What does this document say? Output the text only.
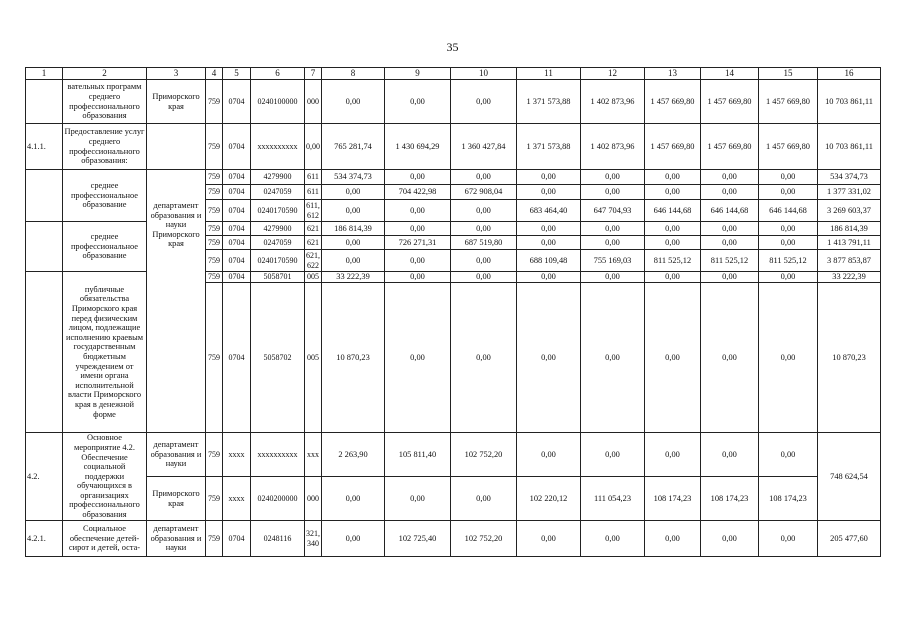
35
1	2	3	4	5	6	7	8	9	10	11	12	13	14	15	16
	вательных программ среднего профессионального образования	Приморского края	759	0704	0240100000	000	0,00	0,00	0,00	1 371 573,88	1 402 873,96	1 457 669,80	1 457 669,80	1 457 669,80	10 703 861,11
4.1.1.	Предоставление услуг среднего профессионального образования:		759	0704	xxxxxxxxxx	0,00	765 281,74	1 430 694,29	1 360 427,84	1 371 573,88	1 402 873,96	1 457 669,80	1 457 669,80	1 457 669,80	10 703 861,11
	среднее профессиональное образование	департамент образования и науки Приморского края	759	0704	4279900	611	534 374,73	0,00	0,00	0,00	0,00	0,00	0,00	0,00	534 374,73
			759	0704	0247059	611	0,00	704 422,98	672 908,04	0,00	0,00	0,00	0,00	0,00	1 377 331,02
			759	0704	0240170590	611, 612	0,00	0,00	0,00	683 464,40	647 704,93	646 144,68	646 144,68	646 144,68	3 269 603,37
	среднее профессиональное образование		759	0704	4279900	621	186 814,39	0,00	0,00	0,00	0,00	0,00	0,00	0,00	186 814,39
			759	0704	0247059	621	0,00	726 271,31	687 519,80	0,00	0,00	0,00	0,00	0,00	1 413 791,11
			759	0704	0240170590	621, 622	0,00	0,00	0,00	688 109,48	755 169,03	811 525,12	811 525,12	811 525,12	3 877 853,87
	публичные обязательства Приморского края перед физическим лицом, подлежащие исполнению краевым государственным бюджетным учреждением от имени органа исполнительной власти Приморского края в денежной форме		759	0704	5058701	005	33 222,39	0,00	0,00	0,00	0,00	0,00	0,00	0,00	33 222,39
			759	0704	5058702	005	10 870,23	0,00	0,00	0,00	0,00	0,00	0,00	0,00	10 870,23
4.2.	Основное мероприятие 4.2. Обеспечение социальной поддержки обучающихся в организациях профессионального образования	департамент образования и науки	759	xxxx	xxxxxxxxxx	xxx	2 263,90	105 811,40	102 752,20	0,00	0,00	0,00	0,00	0,00	748 624,54
		Приморского края	759	xxxx	0240200000	000	0,00	0,00	0,00	102 220,12	111 054,23	108 174,23	108 174,23	108 174,23	
4.2.1.	Социальное обеспечение детей-сирот и детей, оста-	департамент образования и науки	759	0704	0248116	321, 340	0,00	102 725,40	102 752,20	0,00	0,00	0,00	0,00	0,00	205 477,60
